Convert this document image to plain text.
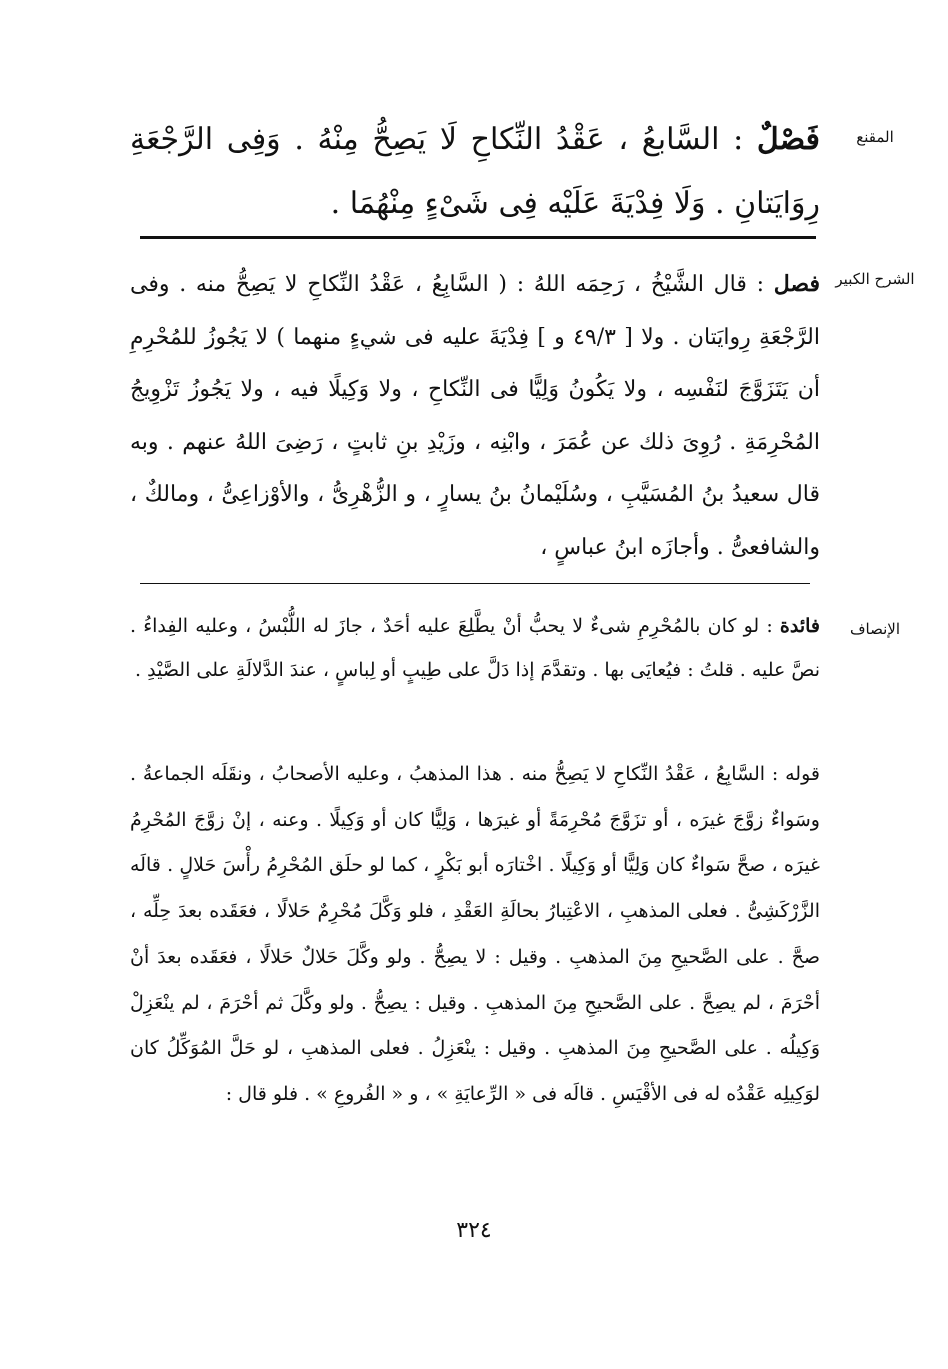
المقنع

فَصْلٌ : السَّابعُ ، عَقْدُ النِّكاحِ لَا يَصِحُّ مِنْهُ . وَفِى الرَّجْعَةِ رِوَايَتانِ . وَلَا فِدْيَةَ عَلَيْه فِى شَىْءٍ مِنْهُمَا .

الشرح الكبير

فصل : قال الشَّيْخُ ، رَحِمَه اللهُ : ( السَّابِعُ ، عَقْدُ النِّكاحِ لا يَصِحُّ منه . وفى الرَّجْعَةِ رِوايَتان . ولا [ ٤٩/٣ و ] فِدْيَةَ عليه فى شيءٍ منهما ) لا يَجُوزُ للمُحْرِمِ أن يَتَزَوَّجَ لنَفْسِه ، ولا يَكُونُ وَلِيًّا فى النِّكاحِ ، ولا وَكِيلًا فيه ، ولا يَجُوزُ تَزْوِيجُ المُحْرِمَةِ . رُوِىَ ذلك عن عُمَرَ ، وابْنِه ، وزَيْدِ بنِ ثابتٍ ، رَضِىَ اللهُ عنهم . وبه قال سعيدُ بنُ المُسَيَّبِ ، وسُلَيْمانُ بنُ يسارٍ ، و الزُّهْرِىُّ ، والأوْزاعِىُّ ، ومالكٌ ، والشافعىُّ . وأجازَه ابنُ عباسٍ ،

الإنصاف

فائدة : لو كان بالمُحْرِمِ شىءٌ لا يحبُّ أنْ يطَّلِعَ عليه أحَدٌ ، جازَ له اللُّبْسُ ، وعليه الفِداءُ . نصَّ عليه . قلتُ : فيُعايَى بها . وتقدَّمَ إذا دَلَّ على طِيبٍ أو لِباسٍ ، عندَ الدَّلالَةِ على الصَّيْدِ .

قوله : السَّابِعُ ، عَقْدُ النِّكاحِ لا يَصِحُّ منه . هذا المذهبُ ، وعليه الأصحابُ ، ونقَلَه الجماعةُ . وسَواءٌ زوَّجَ غيرَه ، أو تزَوَّجَ مُحْرِمَةً أو غيرَها ، وَلِيًّا كان أو وَكِيلًا . وعنه ، إنْ زوَّجَ المُحْرِمُ غيرَه ، صحَّ سَواءٌ كان وَلِيًّا أو وَكِيلًا . اخْتارَه أبو بَكْرٍ ، كما لو حلَق المُحْرِمُ رأْسَ حَلالٍ . قالَه الزَّرْكَشِىُّ . فعلى المذهبِ ، الاعْتِبارُ بحالَةِ العَقْدِ ، فلو وَكَّلَ مُحْرِمٌ حَلالًا ، فعَقَده بعدَ حِلِّه ، صحَّ . على الصَّحيحِ مِنَ المذهبِ . وقيل : لا يصِحُّ . ولو وكَّلَ حَلالٌ حَلالًا ، فعَقَده بعدَ أنْ أحْرَمَ ، لم يصِحَّ . على الصَّحيحِ مِنَ المذهبِ . وقيل : يصِحُّ . ولو وكَّلَ ثم أحْرَمَ ، لم ينْعَزِلْ وَكِيلُه . على الصَّحيحِ مِنَ المذهبِ . وقيل : ينْعَزِلُ . فعلى المذهبِ ، لو حَلَّ المُوَكِّلُ كان لوَكِيلِه عَقْدُه له فى الأقْيَسِ . قالَه فى « الرِّعايَةِ » ، و « الفُروعِ » . فلو قال :

٣٢٤
